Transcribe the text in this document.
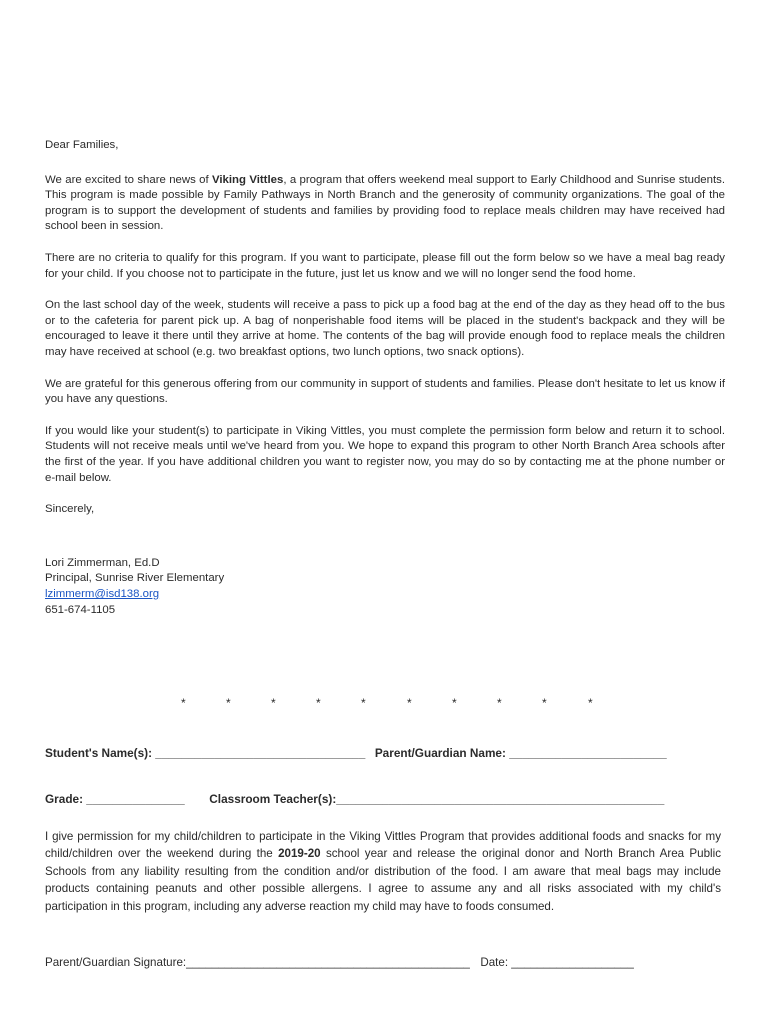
Dear Families,

We are excited to share news of Viking Vittles, a program that offers weekend meal support to Early Childhood and Sunrise students. This program is made possible by Family Pathways in North Branch and the generosity of community organizations. The goal of the program is to support the development of students and families by providing food to replace meals children may have received had school been in session.

There are no criteria to qualify for this program. If you want to participate, please fill out the form below so we have a meal bag ready for your child. If you choose not to participate in the future, just let us know and we will no longer send the food home.

On the last school day of the week, students will receive a pass to pick up a food bag at the end of the day as they head off to the bus or to the cafeteria for parent pick up. A bag of nonperishable food items will be placed in the student's backpack and they will be encouraged to leave it there until they arrive at home. The contents of the bag will provide enough food to replace meals the children may have received at school (e.g. two breakfast options, two lunch options, two snack options).

We are grateful for this generous offering from our community in support of students and families. Please don't hesitate to let us know if you have any questions.

If you would like your student(s) to participate in Viking Vittles, you must complete the permission form below and return it to school. Students will not receive meals until we've heard from you. We hope to expand this program to other North Branch Area schools after the first of the year. If you have additional children you want to register now, you may do so by contacting me at the phone number or e-mail below.

Sincerely,

Lori Zimmerman, Ed.D
Principal, Sunrise River Elementary
lzimmerm@isd138.org
651-674-1105
*	*	*	*	*	*	*	*	*	*
Student's Name(s): ________________________________ Parent/Guardian Name: ________________________
Grade: _______________ Classroom Teacher(s):__________________________________________________

I give permission for my child/children to participate in the Viking Vittles Program that provides additional foods and snacks for my child/children over the weekend during the 2019-20 school year and release the original donor and North Branch Area Public Schools from any liability resulting from the condition and/or distribution of the food. I am aware that meal bags may include products containing peanuts and other possible allergens. I agree to assume any and all risks associated with my child's participation in this program, including any adverse reaction my child may have to foods consumed.

Parent/Guardian Signature:____________________________________________ Date: ___________________
